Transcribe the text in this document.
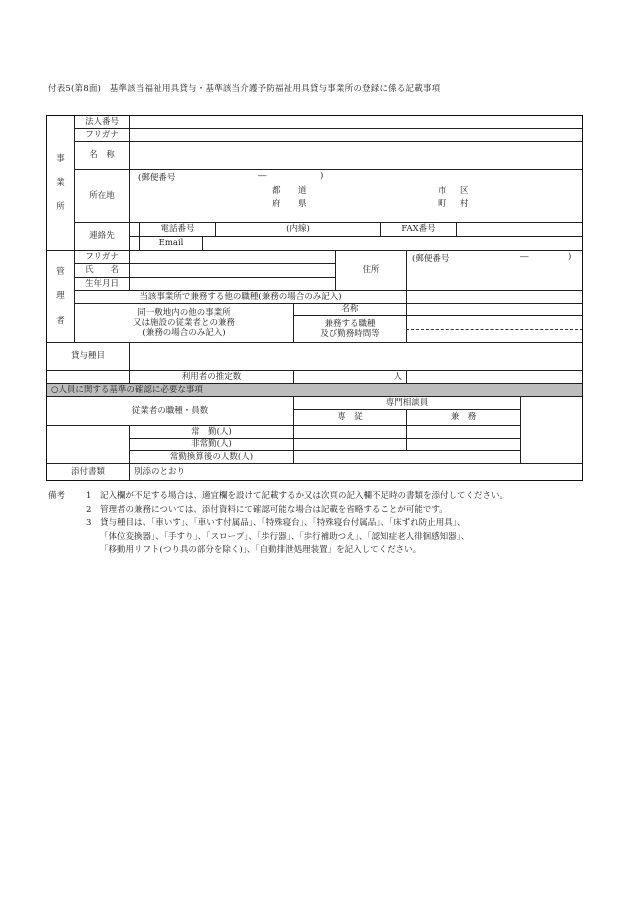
付表5(第8面)　基準該当福祉用具貸与・基準該当介護予防福祉用具貸与事業所の登録に係る記載事項
事
業
所
法人番号
フリガナ
名　称
所在地
(郵便番号	―	)
都 道
府 県
市 区
町 村
連絡先
電話番号	(内線)	FAX番号
Email
管
理
者
フリガナ
氏　　名
生年月日
住所
(郵便番号	―	)
当該事業所で兼務する他の職種(兼務の場合のみ記入)
同一敷地内の他の事業所
又は施設の従業者との兼務
(兼務の場合のみ記入)
名称
兼務する職種
及び勤務時間等
貸与種目
利用者の推定数	人
○人員に関する基準の確認に必要な事項
従業者の職種・員数
専門相談員
専　従	兼　務
常　勤(人)
非常勤(人)
常勤換算後の人数(人)
添付書類	別添のとおり
備考	1	記入欄が不足する場合は、適宜欄を設けて記載するか又は次頁の記入欄不足時の書類を添付してください。
2	管理者の兼務については、添付資料にて確認可能な場合は記載を省略することが可能です。
3	貸与種目は、「車いす」、「車いす付属品」、「特殊寝台」、「特殊寝台付属品」、「床ずれ防止用具」、
「体位変換器」、「手すり」、「スロープ」、「歩行器」、「歩行補助つえ」、「認知症老人徘徊感知器」、
「移動用リフト(つり具の部分を除く)」、「自動排泄処理装置」を記入してください。
